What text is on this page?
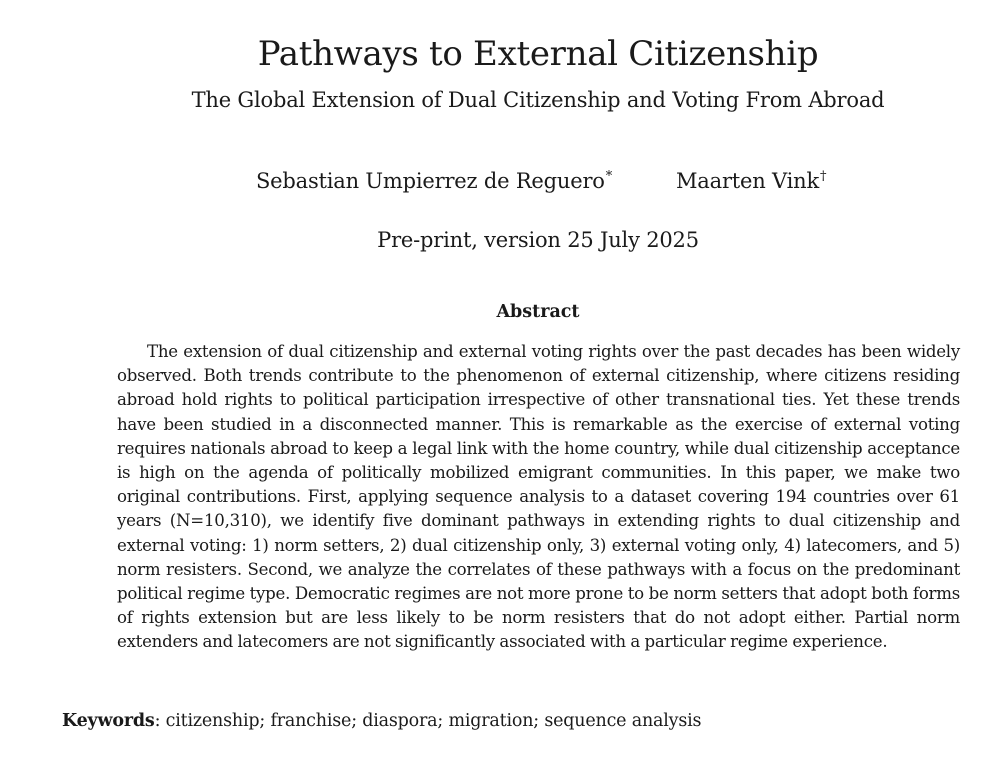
Pathways to External Citizenship
The Global Extension of Dual Citizenship and Voting From Abroad
Sebastian Umpierrez de Reguero*	Maarten Vink†
Pre-print, version 25 July 2025
Abstract

The extension of dual citizenship and external voting rights over the past decades has been widely observed. Both trends contribute to the phenomenon of external citizenship, where citizens residing abroad hold rights to political participation irrespective of other transnational ties. Yet these trends have been studied in a disconnected manner. This is remarkable as the exercise of external voting requires nationals abroad to keep a legal link with the home country, while dual citizenship acceptance is high on the agenda of politically mobilized emigrant communities. In this paper, we make two original contributions. First, applying sequence analysis to a dataset covering 194 countries over 61 years (N=10,310), we identify five dominant pathways in extending rights to dual citizenship and external voting: 1) norm setters, 2) dual citizenship only, 3) external voting only, 4) latecomers, and 5) norm resisters. Second, we analyze the correlates of these pathways with a focus on the predominant political regime type. Democratic regimes are not more prone to be norm setters that adopt both forms of rights extension but are less likely to be norm resisters that do not adopt either. Partial norm extenders and latecomers are not significantly associated with a particular regime experience.

Keywords: citizenship; franchise; diaspora; migration; sequence analysis
